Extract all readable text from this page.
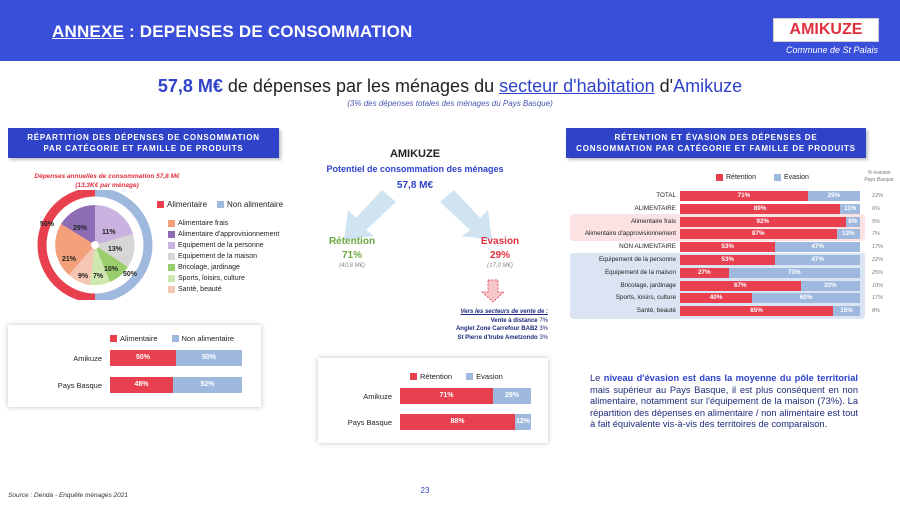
ANNEXE : DEPENSES DE CONSOMMATION	AMIKUZE
Commune de St Palais
57,8 M€ de dépenses par les ménages du secteur d'habitation d'Amikuze
(3% des dépenses totales des ménages du Pays Basque)
RÉPARTITION DES DÉPENSES DE CONSOMMATION
PAR CATÉGORIE ET FAMILLE DE PRODUITS
Dépenses annuelles de consommation 57,8 M€
(13,3K€ par ménage)
50%
50%
29%
11%
13%
10%
7%
9%
21%
Alimentaire	Non alimentaire
Alimentaire frais
Alimentaire d'approvisionnement
Equipement de la personne
Equipement de la maison
Bricolage, jardinage
Sports, loisirs, culture
Santé, beauté
Alimentaire	Non alimentaire
Amikuze	50%	50%
Pays Basque	48%	52%
AMIKUZE
Potentiel de consommation des ménages
57,8 M€
Rétention
71%
(40,8 M€)
Evasion
29%
(17,0 M€)
Vers les secteurs de vente de :
Vente à distance 7%
Anglet Zone Carrefour BAB2 3%
St Pierre d'Irube Ametzondo 3%
Rétention	Evasion
Amikuze	71%	29%
Pays Basque	88%	12%
RÉTENTION ET ÉVASION DES DÉPENSES DE
CONSOMMATION PAR CATÉGORIE ET FAMILLE DE PRODUITS
Rétention	Evasion
% évasion
Pays Basque
TOTAL	71%	29%	12%
ALIMENTAIRE	89%	11%	6%
Alimentaire frais	92%	8%	5%
Alimentaire d'approvisionnement	87%	13%	7%
NON ALIMENTAIRE	53%	47%	17%
Equipement de la personne	53%	47%	22%
Equipement de la maison	27%	73%	25%
Bricolage, jardinage	67%	33%	10%
Sports, loisirs, culture	40%	60%	17%
Santé, beauté	85%	15%	8%
Le niveau d'évasion est dans la moyenne du pôle territorial mais supérieur au Pays Basque, il est plus conséquent en non alimentaire, notamment sur l'équipement de la maison (73%). La répartition des dépenses en alimentaire / non alimentaire est tout à fait équivalente vis-à-vis des territoires de comparaison.
Source : Denda - Enquête ménages 2021
23
